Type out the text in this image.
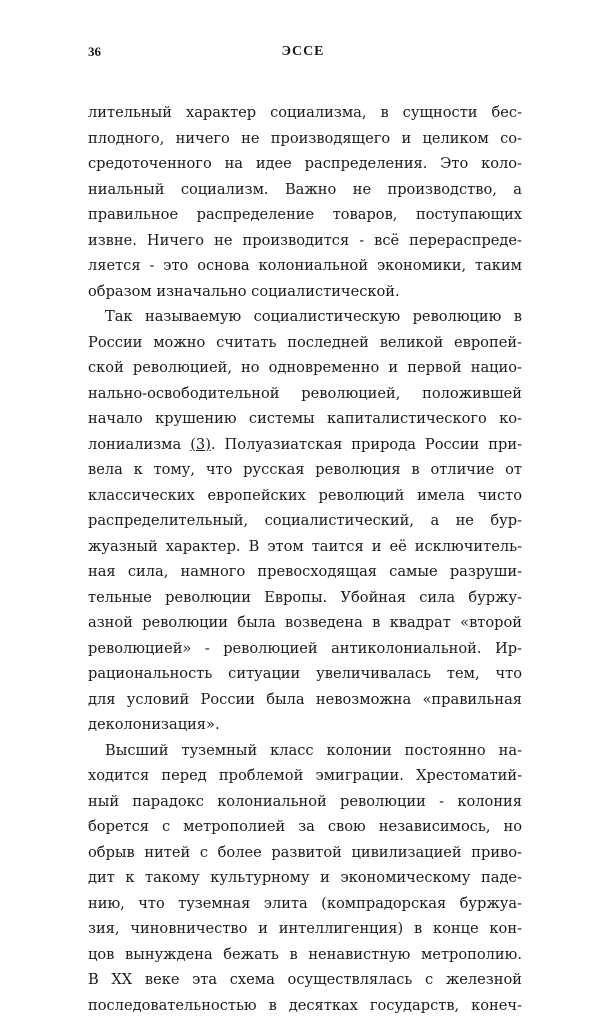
36	ЭССЕ
лительный характер социализма, в сущности бес-
плодного, ничего не производящего и целиком со-
средоточенного на идее распределения. Это коло-
ниальный социализм. Важно не производство, а
правильное распределение товаров, поступающих
извне. Ничего не производится - всё перераспреде-
ляется - это основа колониальной экономики, таким
образом изначально социалистической.
Так называемую социалистическую революцию в
России можно считать последней великой европей-
ской революцией, но одновременно и первой нацио-
нально-освободительной революцией, положившей
начало крушению системы капиталистического ко-
лониализма (3). Полуазиатская природа России при-
вела к тому, что русская революция в отличие от
классических европейских революций имела чисто
распределительный, социалистический, а не бур-
жуазный характер. В этом таится и её исключитель-
ная сила, намного превосходящая самые разруши-
тельные революции Европы. Убойная сила буржу-
азной революции была возведена в квадрат «второй
революцией» - революцией антиколониальной. Ир-
рациональность ситуации увеличивалась тем, что
для условий России была невозможна «правильная
деколонизация».
Высший туземный класс колонии постоянно на-
ходится перед проблемой эмиграции. Хрестоматий-
ный парадокс колониальной революции - колония
борется с метрополией за свою независимось, но
обрыв нитей с более развитой цивилизацией приво-
дит к такому культурному и экономическому паде-
нию, что туземная элита (компрадорская буржуа-
зия, чиновничество и интеллигенция) в конце кон-
цов вынуждена бежать в ненавистную метрополию.
В XX веке эта схема осуществлялась с железной
последовательностью в десятках государств, конеч-
